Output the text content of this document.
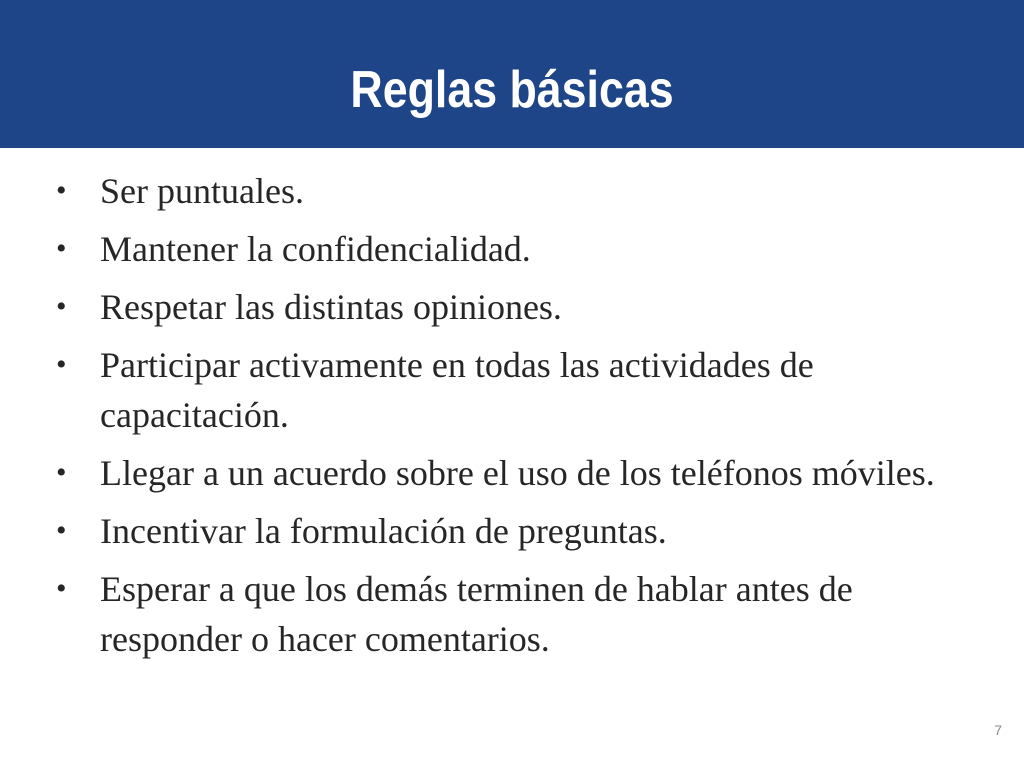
Reglas básicas
• Ser puntuales.
• Mantener la confidencialidad.
• Respetar las distintas opiniones.
• Participar activamente en todas las actividades de capacitación.
• Llegar a un acuerdo sobre el uso de los teléfonos móviles.
• Incentivar la formulación de preguntas.
• Esperar a que los demás terminen de hablar antes de responder o hacer comentarios.
7
